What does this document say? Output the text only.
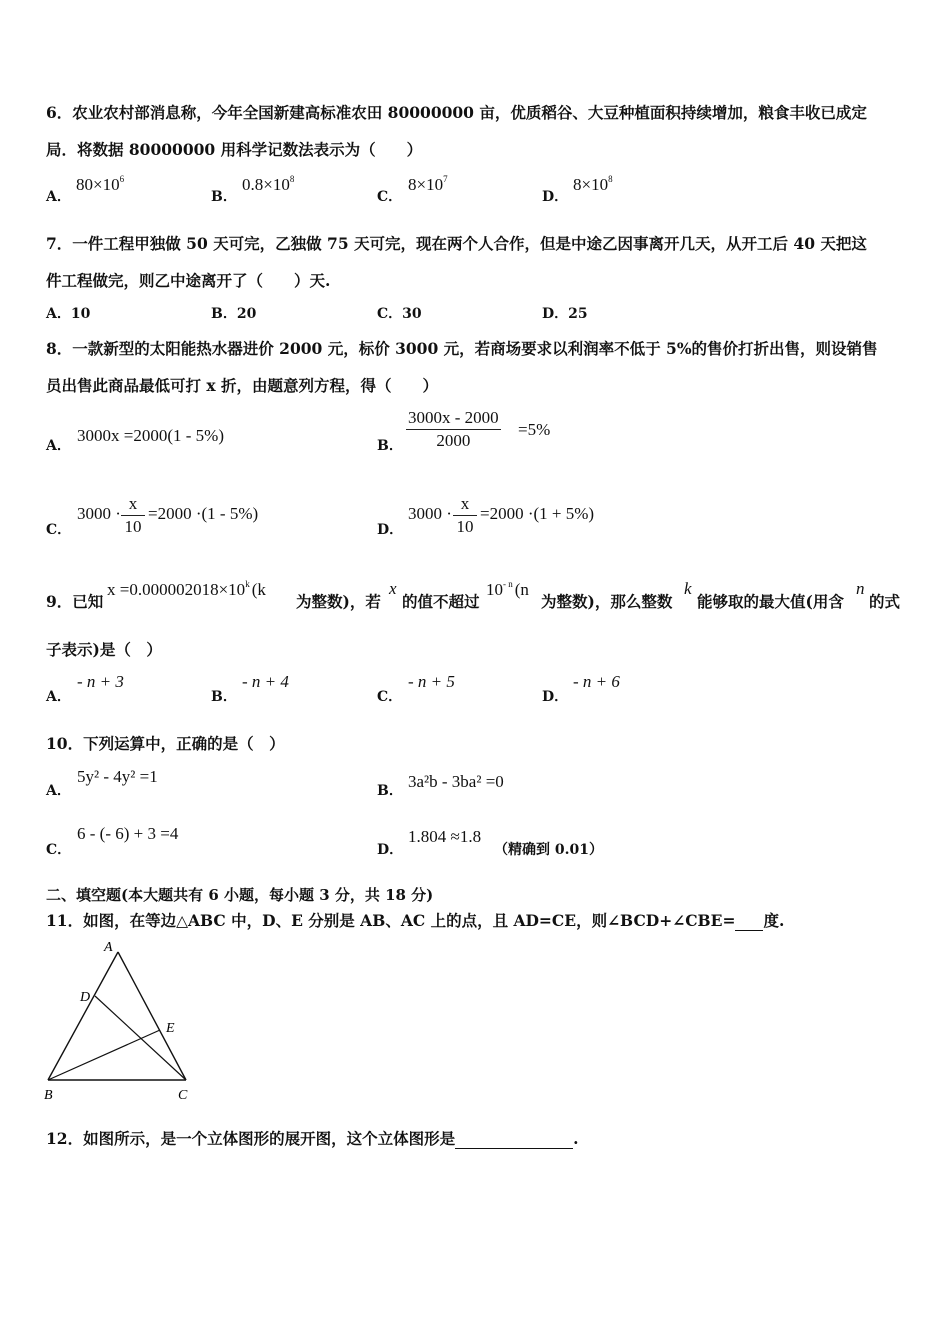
6．农业农村部消息称，今年全国新建高标准农田 80000000 亩，优质稻谷、大豆种植面积持续增加，粮食丰收已成定
局．将数据 80000000 用科学记数法表示为（　　）
A．
$80\times 10^6$
B．
$0.8\times 10^8$
C．
$8\times 10^7$
D．
$8\times 10^8$
7．一件工程甲独做 50 天可完，乙独做 75 天可完，现在两个人合作，但是中途乙因事离开几天，从开工后 40 天把这
件工程做完，则乙中途离开了（　　）天.
A．10	B．20	C．30	D．25
8．一款新型的太阳能热水器进价 2000 元，标价 3000 元，若商场要求以利润率不低于 5%的售价打折出售，则设销售
员出售此商品最低可打 x 折，由题意列方程，得（　　）
A．
3000x =2000(1 - 5%)
B． $\frac{3000x - 2000}{2000} =5\%$
C．
$3000 \cdot \frac{x}{10} =2000 \cdot(1 - 5\%)$
D．
$3000 \cdot \frac{x}{10} =2000 \cdot(1 + 5\%)$
9．已知
$x =0.000002018\times 10^k$ (k
为整数)，若
x
的值不超过
$10^{- n}$ (n
为整数)，那么整数
k
能够取的最大值(用含
n
的式
子表示)是（　）
A．
- n + 3
B．
- n + 4
C．
- n + 5
D．
- n + 6
10．下列运算中，正确的是（　）
A．
5y² - 4y² =1
B． 3a²b - 3ba² =0
C．
6 - (- 6) + 3 =4
D．
1.804 ≈1.8
（精确到 0.01）
二、填空题(本大题共有 6 小题，每小题 3 分，共 18 分)
11．如图，在等边△ABC 中，D、E 分别是 AB、AC 上的点，且 AD=CE，则∠BCD+∠CBE= 度.
A
D
E
B	C
12．如图所示，是一个立体图形的展开图，这个立体图形是	.
